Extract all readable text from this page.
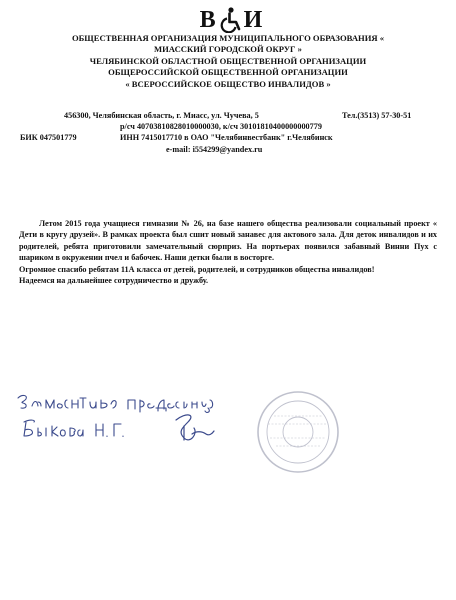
В И
ОБЩЕСТВЕННАЯ ОРГАНИЗАЦИЯ МУНИЦИПАЛЬНОГО ОБРАЗОВАНИЯ «
МИАССКИЙ ГОРОДСКОЙ ОКРУГ »
ЧЕЛЯБИНСКОЙ ОБЛАСТНОЙ ОБЩЕСТВЕННОЙ ОРГАНИЗАЦИИ
ОБЩЕРОССИЙСКОЙ ОБЩЕСТВЕННОЙ ОРГАНИЗАЦИИ
« ВСЕРОССИЙСКОЕ ОБЩЕСТВО ИНВАЛИДОВ »
456300, Челябинская область, г. Миасс, ул. Чучева, 5	Тел.(3513) 57-30-51
р/сч 40703810828010000030, к/сч 30101810400000000779
БИК 047501779	ИНН 7415017710 в ОАО "Челябинвестбанк" г.Челябинск
e-mail: i554299@yandex.ru

Летом 2015 года учащиеся гимназии № 26, на базе нашего общества реализовали социальный проект « Дети в кругу друзей». В рамках проекта был сшит новый занавес для актового зала. Для деток инвалидов и их родителей, ребята приготовили замечательный сюрприз. На портьерах появился забавный Винни Пух с шариком в окружении пчел и бабочек. Наши детки были в восторге.

Огромное спасибо ребятам 11А класса от детей, родителей, и сотрудников общества инвалидов!

Надеемся на дальнейшее сотрудничество и дружбу.
